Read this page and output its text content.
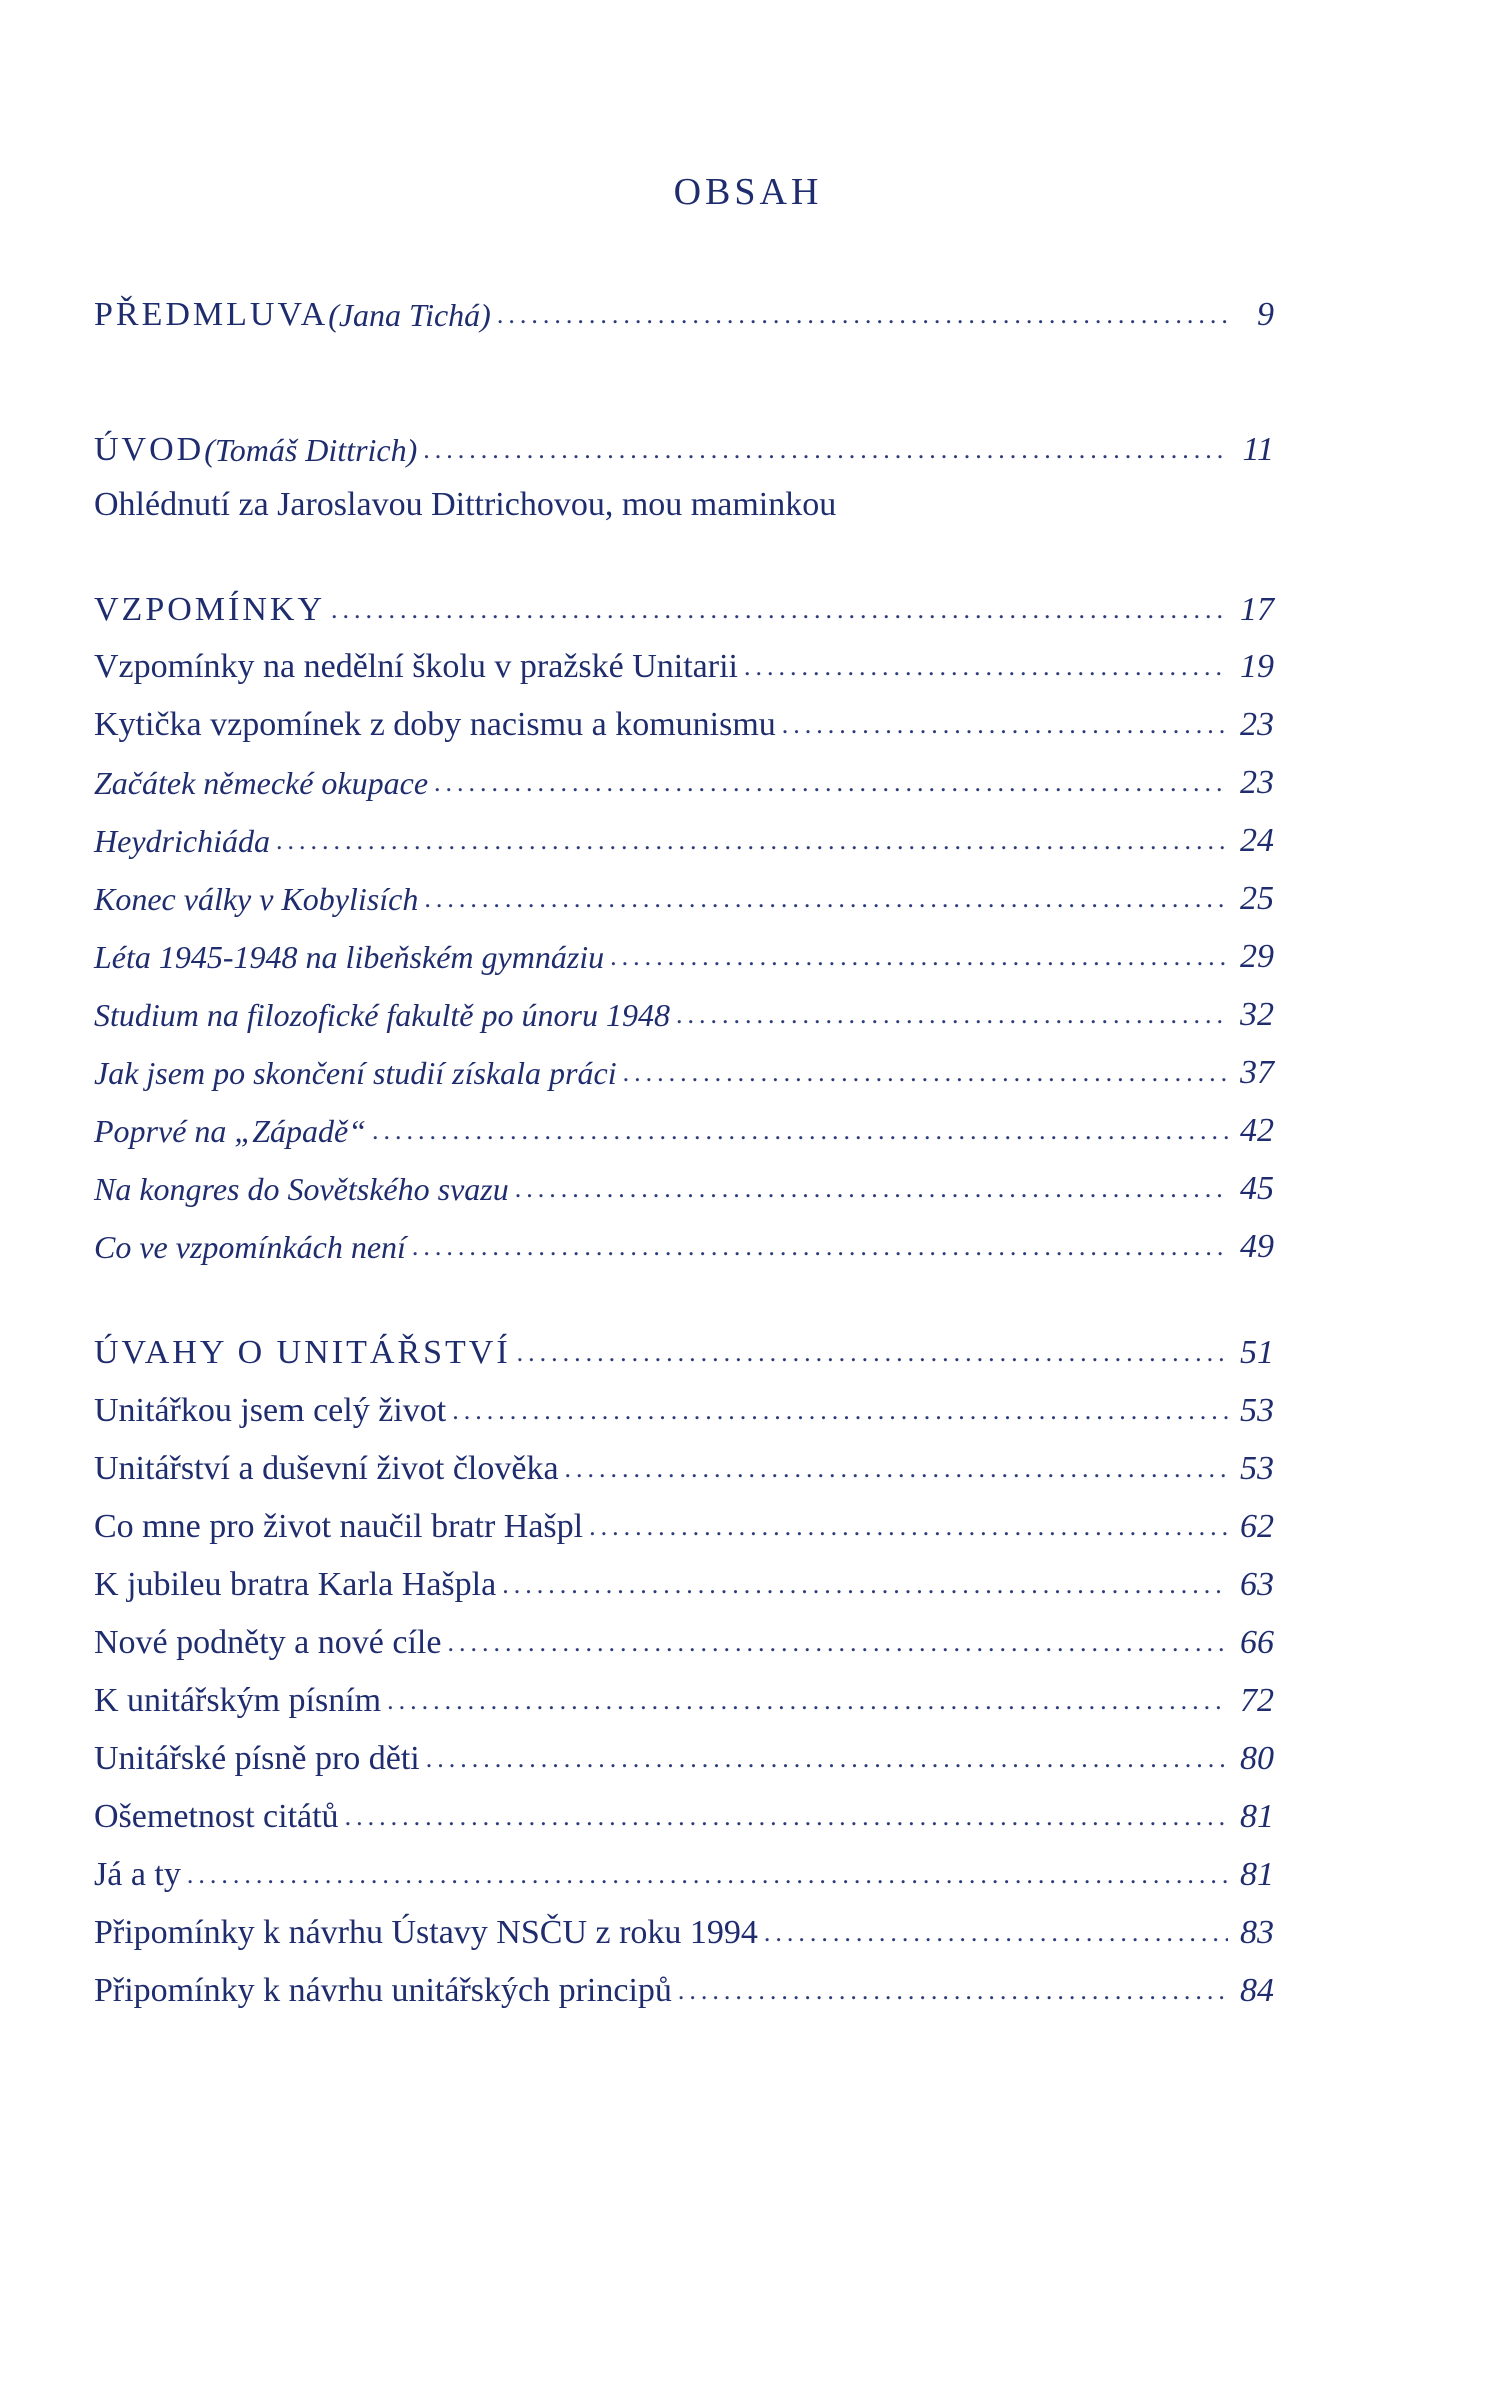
OBSAH
PŘEDMLUVA (Jana Tichá) .....	9
ÚVOD (Tomáš Dittrich) .....	11
Ohlédnutí za Jaroslavou Dittrichovou, mou maminkou
VZPOMÍNKY .....	17
Vzpomínky na nedělní školu v pražské Unitarii .....	19
Kytička vzpomínek z doby nacismu a komunismu .....	23
Začátek německé okupace .....	23
Heydrichiáda .....	24
Konec války v Kobylisích .....	25
Léta 1945-1948 na libeňském gymnáziu .....	29
Studium na filozofické fakultě po únoru 1948 .....	32
Jak jsem po skončení studií získala práci .....	37
Poprvé na „Západě“ .....	42
Na kongres do Sovětského svazu .....	45
Co ve vzpomínkách není .....	49
ÚVAHY O UNITÁŘSTVÍ .....	51
Unitářkou jsem celý život .....	53
Unitářství a duševní život člověka .....	53
Co mne pro život naučil bratr Hašpl .....	62
K jubileu bratra Karla Hašpla .....	63
Nové podněty a nové cíle .....	66
K unitářským písním .....	72
Unitářské písně pro děti .....	80
Ošemetnost citátů .....	81
Já a ty .....	81
Připomínky k návrhu Ústavy NSČU z roku 1994 .....	83
Připomínky k návrhu unitářských principů .....	84
